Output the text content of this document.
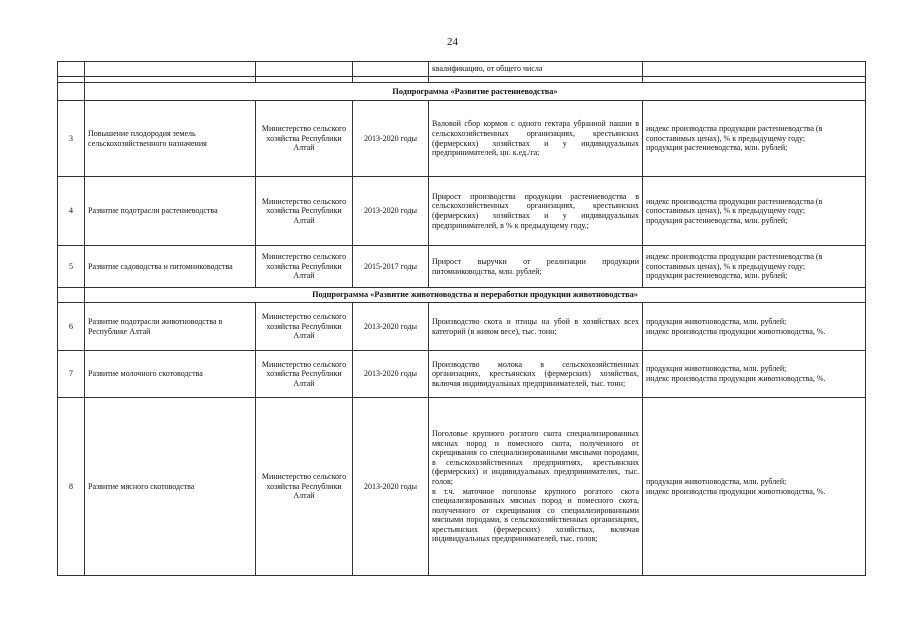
24
				квалификацию, от общего числа	

	Подпрограмма «Развитие растениеводства»				
3	Повышение плодородия земель сельскохозяйственного назначения	Министерство сельского хозяйства Республики Алтай	2013-2020 годы	Валовой сбор кормов с одного гектара убранной пашни в сельскохозяйственных организациях, крестьянских (фермерских) хозяйствах и у индивидуальных предпринимателей, цн. к.ед./га;	индекс производства продукции растениеводства (в сопоставимых ценах), % к предыдущему году;
продукция растениеводства, млн. рублей;

4	Развитие подотрасли растениеводства	Министерство сельского хозяйства Республики Алтай	2013-2020 годы	Прирост производства продукции растениеводства в сельскохозяйственных организациях, крестьянских (фермерских) хозяйствах и у индивидуальных предпринимателей, в % к предыдущему году.;	индекс производства продукции растениеводства (в сопоставимых ценах), % к предыдущему году;
продукция растениеводства, млн. рублей;

5	Развитие садоводства и питомниководства	Министерство сельского хозяйства Республики Алтай	2015-2017 годы	Прирост выручки от реализации продукции питомниководства, млн. рублей;	индекс производства продукции растениеводства (в сопоставимых ценах), % к предыдущему году;
продукция растениеводства, млн. рублей;

	Подпрограмма «Развитие животноводства и переработки продукции животноводства»				
6	Развитие подотрасли животноводства в Республике Алтай	Министерство сельского хозяйства Республики Алтай	2013-2020 годы	Производство скота и птицы на убой в хозяйствах всех категорий (в живом весе), тыс. тонн;	продукция животноводства, млн. рублей;
индекс производства продукции животноводства, %.

7	Развитие молочного скотоводства	Министерство сельского хозяйства Республики Алтай	2013-2020 годы	Производство молока в сельскохозяйственных организациях, крестьянских (фермерских) хозяйствах, включая индивидуальных предпринимателей, тыс. тонн;	продукция животноводства, млн. рублей;
индекс производства продукции животноводства, %.

8	Развитие мясного скотоводства	Министерство сельского хозяйства Республики Алтай	2013-2020 годы	Поголовье крупного рогатого скота специализированных мясных пород и помесного скота, полученного от скрещивания со специализированными мясными породами, в сельскохозяйственных предприятиях, крестьянских (фермерских) и индивидуальных предпринимателях, тыс. голов;
в т.ч. маточное поголовье крупного рогатого скота специализированных мясных пород и помесного скота, полученного от скрещивания со специализированными мясными породами, в сельскохозяйственных организациях, крестьянских (фермерских) хозяйствах, включая индивидуальных предпринимателей, тыс. голов;	продукция животноводства, млн. рублей;
индекс производства продукции животноводства, %.
